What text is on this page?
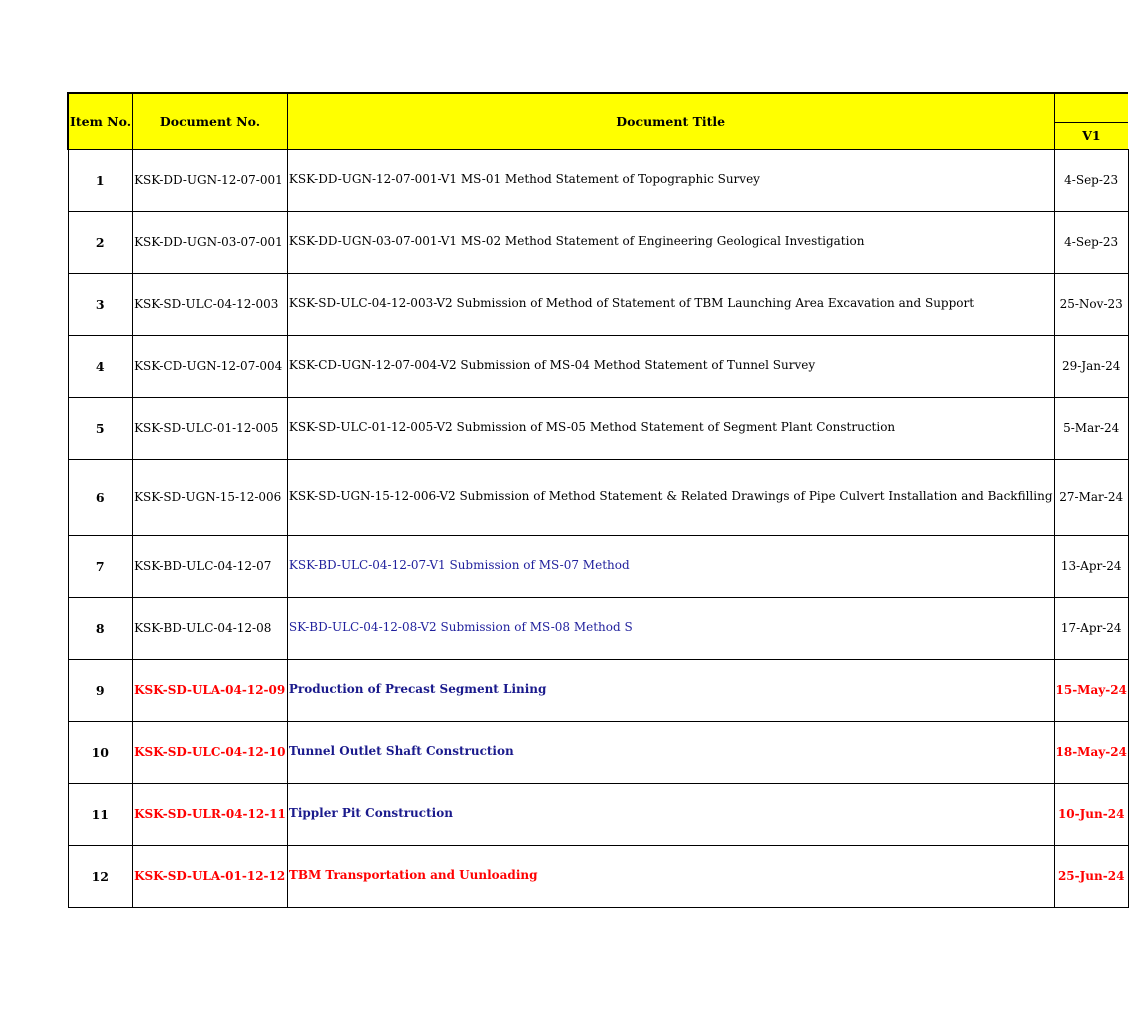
Item No.	Document No.	Document Title	
			V1
1	KSK-DD-UGN-12-07-001	KSK-DD-UGN-12-07-001-V1 MS-01 Method Statement of Topographic Survey	4-Sep-23
2	KSK-DD-UGN-03-07-001	KSK-DD-UGN-03-07-001-V1 MS-02 Method Statement of Engineering Geological Investigation	4-Sep-23
3	KSK-SD-ULC-04-12-003	KSK-SD-ULC-04-12-003-V2 Submission of Method of Statement of TBM Launching Area Excavation and Support	25-Nov-23
4	KSK-CD-UGN-12-07-004	KSK-CD-UGN-12-07-004-V2 Submission of MS-04 Method Statement of Tunnel Survey	29-Jan-24
5	KSK-SD-ULC-01-12-005	KSK-SD-ULC-01-12-005-V2 Submission of MS-05 Method Statement of Segment Plant Construction	5-Mar-24
6	KSK-SD-UGN-15-12-006	KSK-SD-UGN-15-12-006-V2 Submission of Method Statement & Related Drawings of Pipe Culvert Installation and Backfilling	27-Mar-24
7	KSK-BD-ULC-04-12-07	KSK-BD-ULC-04-12-07-V1 Submission of MS-07 Method	13-Apr-24
8	KSK-BD-ULC-04-12-08	SK-BD-ULC-04-12-08-V2 Submission of MS-08 Method S	17-Apr-24
9	KSK-SD-ULA-04-12-09	Production of Precast Segment Lining	15-May-24
10	KSK-SD-ULC-04-12-10	Tunnel Outlet Shaft Construction	18-May-24
11	KSK-SD-ULR-04-12-11	Tippler Pit Construction	10-Jun-24
12	KSK-SD-ULA-01-12-12	TBM Transportation and Uunloading	25-Jun-24
